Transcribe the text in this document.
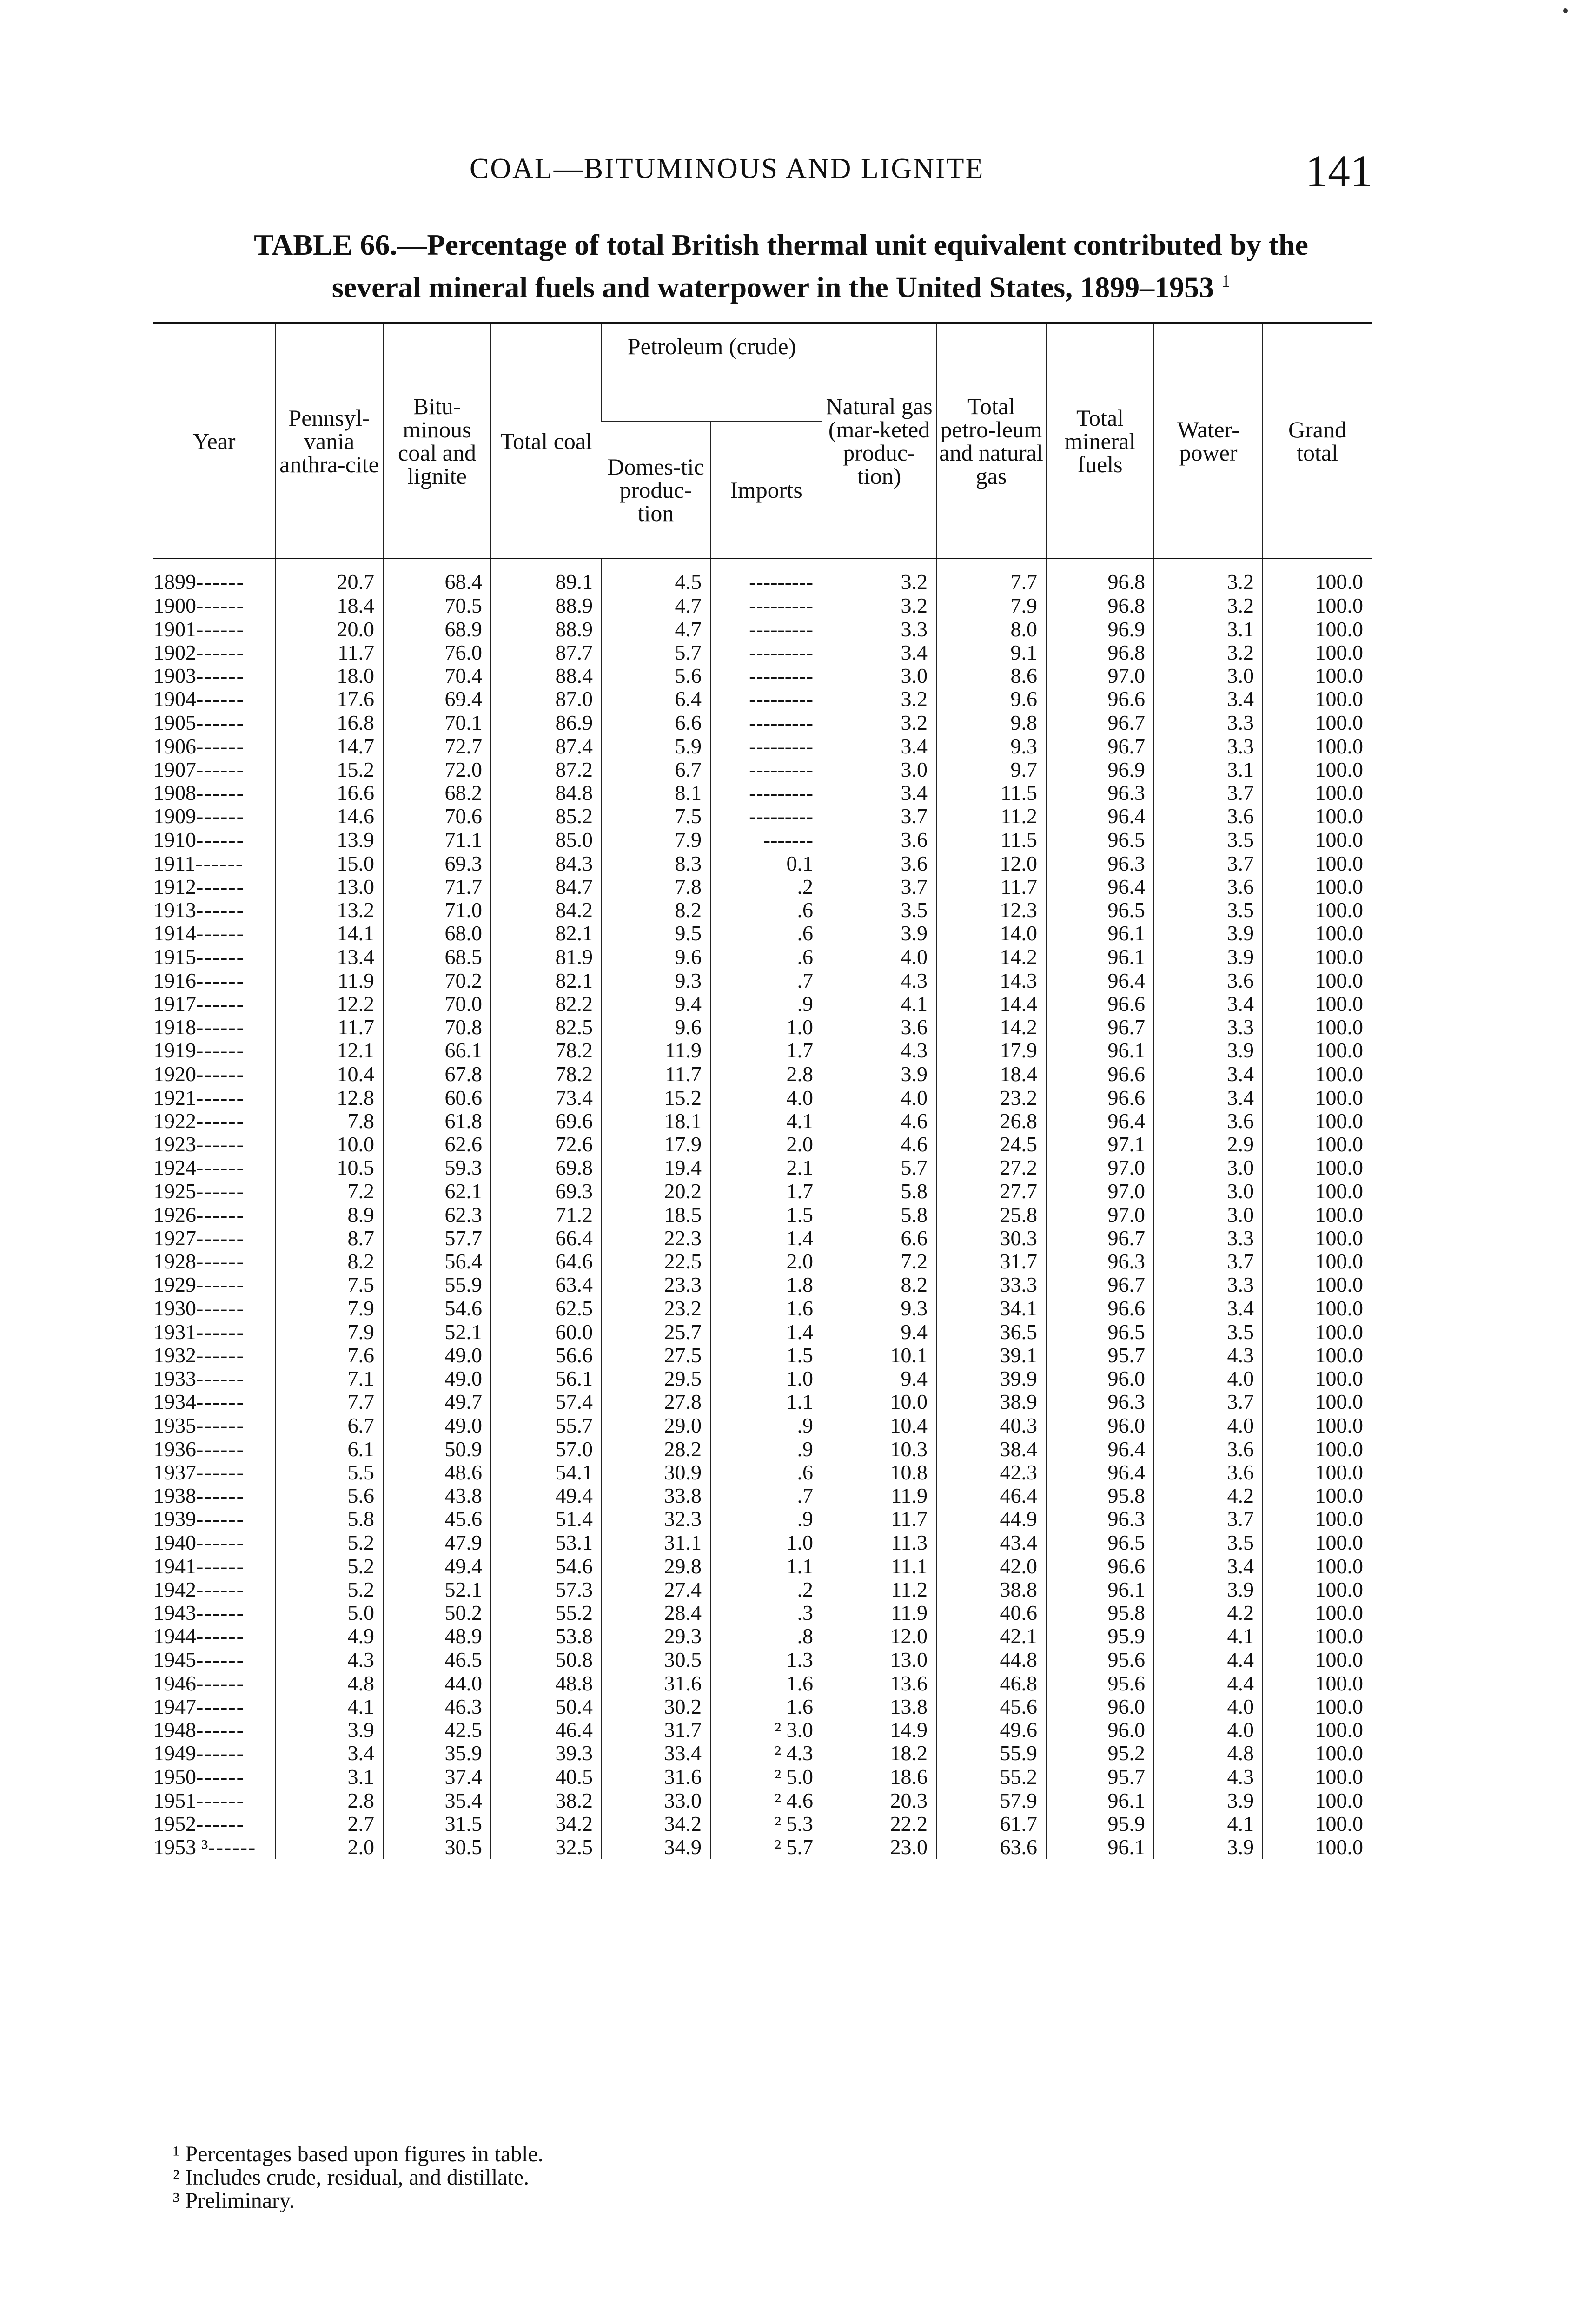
COAL—BITUMINOUS AND LIGNITE	141
TABLE 66.—Percentage of total British thermal unit equivalent contributed by the
several mineral fuels and waterpower in the United States, 1899–1953 $^1$
Year	Pennsyl-vania anthra-cite	Bitu-minous coal and lignite	Total coal	Petroleum (crude)		Natural gas (mar-keted produc-tion)	Total petro-leum and natural gas	Total mineral fuels	Water-power	Grand total
				Domes-tic produc-tion	Imports					

1899------	20.7	68.4	89.1	4.5	---------	3.2	7.7	96.8	3.2	100.0
1900------	18.4	70.5	88.9	4.7	---------	3.2	7.9	96.8	3.2	100.0
1901------	20.0	68.9	88.9	4.7	---------	3.3	8.0	96.9	3.1	100.0
1902------	11.7	76.0	87.7	5.7	---------	3.4	9.1	96.8	3.2	100.0
1903------	18.0	70.4	88.4	5.6	---------	3.0	8.6	97.0	3.0	100.0
1904------	17.6	69.4	87.0	6.4	---------	3.2	9.6	96.6	3.4	100.0
1905------	16.8	70.1	86.9	6.6	---------	3.2	9.8	96.7	3.3	100.0
1906------	14.7	72.7	87.4	5.9	---------	3.4	9.3	96.7	3.3	100.0
1907------	15.2	72.0	87.2	6.7	---------	3.0	9.7	96.9	3.1	100.0
1908------	16.6	68.2	84.8	8.1	---------	3.4	11.5	96.3	3.7	100.0
1909------	14.6	70.6	85.2	7.5	---------	3.7	11.2	96.4	3.6	100.0
1910------	13.9	71.1	85.0	7.9	-------	3.6	11.5	96.5	3.5	100.0
1911------	15.0	69.3	84.3	8.3	0.1	3.6	12.0	96.3	3.7	100.0
1912------	13.0	71.7	84.7	7.8	.2	3.7	11.7	96.4	3.6	100.0
1913------	13.2	71.0	84.2	8.2	.6	3.5	12.3	96.5	3.5	100.0
1914------	14.1	68.0	82.1	9.5	.6	3.9	14.0	96.1	3.9	100.0
1915------	13.4	68.5	81.9	9.6	.6	4.0	14.2	96.1	3.9	100.0
1916------	11.9	70.2	82.1	9.3	.7	4.3	14.3	96.4	3.6	100.0
1917------	12.2	70.0	82.2	9.4	.9	4.1	14.4	96.6	3.4	100.0
1918------	11.7	70.8	82.5	9.6	1.0	3.6	14.2	96.7	3.3	100.0
1919------	12.1	66.1	78.2	11.9	1.7	4.3	17.9	96.1	3.9	100.0
1920------	10.4	67.8	78.2	11.7	2.8	3.9	18.4	96.6	3.4	100.0
1921------	12.8	60.6	73.4	15.2	4.0	4.0	23.2	96.6	3.4	100.0
1922------	7.8	61.8	69.6	18.1	4.1	4.6	26.8	96.4	3.6	100.0
1923------	10.0	62.6	72.6	17.9	2.0	4.6	24.5	97.1	2.9	100.0
1924------	10.5	59.3	69.8	19.4	2.1	5.7	27.2	97.0	3.0	100.0
1925------	7.2	62.1	69.3	20.2	1.7	5.8	27.7	97.0	3.0	100.0
1926------	8.9	62.3	71.2	18.5	1.5	5.8	25.8	97.0	3.0	100.0
1927------	8.7	57.7	66.4	22.3	1.4	6.6	30.3	96.7	3.3	100.0
1928------	8.2	56.4	64.6	22.5	2.0	7.2	31.7	96.3	3.7	100.0
1929------	7.5	55.9	63.4	23.3	1.8	8.2	33.3	96.7	3.3	100.0
1930------	7.9	54.6	62.5	23.2	1.6	9.3	34.1	96.6	3.4	100.0
1931------	7.9	52.1	60.0	25.7	1.4	9.4	36.5	96.5	3.5	100.0
1932------	7.6	49.0	56.6	27.5	1.5	10.1	39.1	95.7	4.3	100.0
1933------	7.1	49.0	56.1	29.5	1.0	9.4	39.9	96.0	4.0	100.0
1934------	7.7	49.7	57.4	27.8	1.1	10.0	38.9	96.3	3.7	100.0
1935------	6.7	49.0	55.7	29.0	.9	10.4	40.3	96.0	4.0	100.0
1936------	6.1	50.9	57.0	28.2	.9	10.3	38.4	96.4	3.6	100.0
1937------	5.5	48.6	54.1	30.9	.6	10.8	42.3	96.4	3.6	100.0
1938------	5.6	43.8	49.4	33.8	.7	11.9	46.4	95.8	4.2	100.0
1939------	5.8	45.6	51.4	32.3	.9	11.7	44.9	96.3	3.7	100.0
1940------	5.2	47.9	53.1	31.1	1.0	11.3	43.4	96.5	3.5	100.0
1941------	5.2	49.4	54.6	29.8	1.1	11.1	42.0	96.6	3.4	100.0
1942------	5.2	52.1	57.3	27.4	.2	11.2	38.8	96.1	3.9	100.0
1943------	5.0	50.2	55.2	28.4	.3	11.9	40.6	95.8	4.2	100.0
1944------	4.9	48.9	53.8	29.3	.8	12.0	42.1	95.9	4.1	100.0
1945------	4.3	46.5	50.8	30.5	1.3	13.0	44.8	95.6	4.4	100.0
1946------	4.8	44.0	48.8	31.6	1.6	13.6	46.8	95.6	4.4	100.0
1947------	4.1	46.3	50.4	30.2	1.6	13.8	45.6	96.0	4.0	100.0
1948------	3.9	42.5	46.4	31.7	² 3.0	14.9	49.6	96.0	4.0	100.0
1949------	3.4	35.9	39.3	33.4	² 4.3	18.2	55.9	95.2	4.8	100.0
1950------	3.1	37.4	40.5	31.6	² 5.0	18.6	55.2	95.7	4.3	100.0
1951------	2.8	35.4	38.2	33.0	² 4.6	20.3	57.9	96.1	3.9	100.0
1952------	2.7	31.5	34.2	34.2	² 5.3	22.2	61.7	95.9	4.1	100.0
1953 ³------	2.0	30.5	32.5	34.9	² 5.7	23.0	63.6	96.1	3.9	100.0
¹ Percentages based upon figures in table.
² Includes crude, residual, and distillate.
³ Preliminary.
